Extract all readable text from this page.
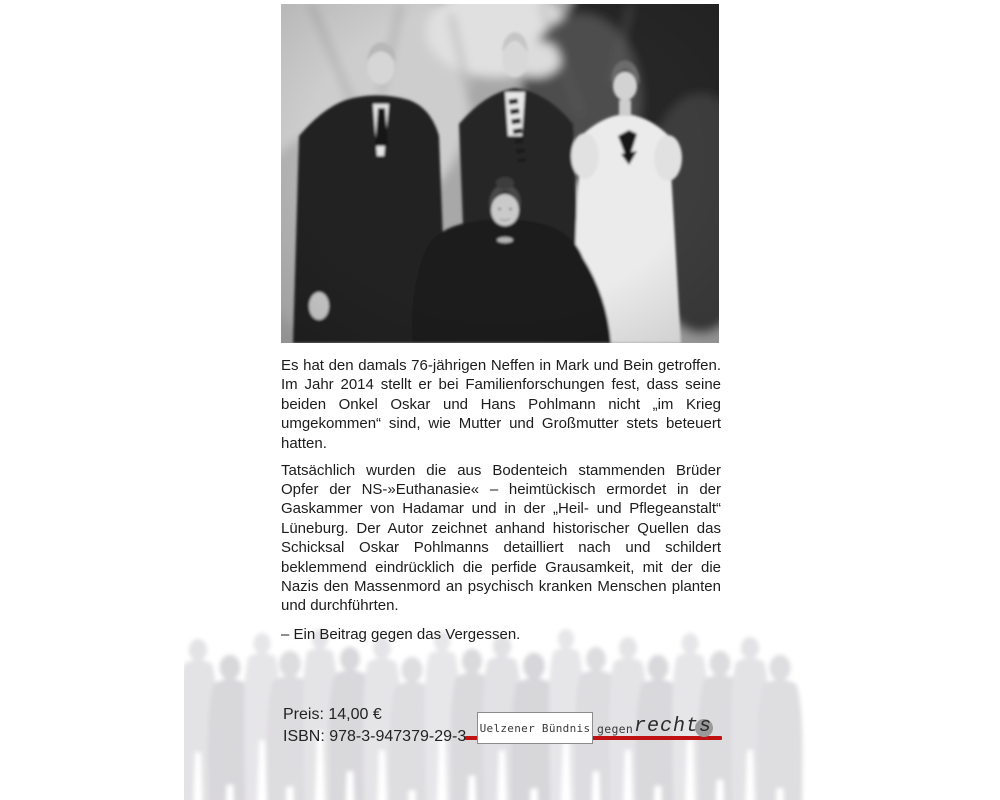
Es hat den damals 76-jährigen Neffen in Mark und Bein getroffen. Im Jahr 2014 stellt er bei Familienforschungen fest, dass seine beiden Onkel Oskar und Hans Pohlmann nicht „im Krieg umgekommen“ sind, wie Mutter und Großmutter stets beteuert hatten.

Tatsächlich wurden die aus Bodenteich stammenden Brüder Opfer der NS-»Euthanasie« – heimtückisch ermordet in der Gaskammer von Hadamar und in der „Heil- und Pflegeanstalt“ Lüneburg. Der Autor zeichnet anhand historischer Quellen das Schicksal Oskar Pohlmanns detailliert nach und schildert beklemmend eindrücklich die perfide Grausamkeit, mit der die Nazis den Massenmord an psychisch kranken Menschen planten und durchführten.

– Ein Beitrag gegen das Vergessen.

Preis: 14,00 €
ISBN: 978-3-947379-29-3 Uelzener Bündnis gegen rechts
